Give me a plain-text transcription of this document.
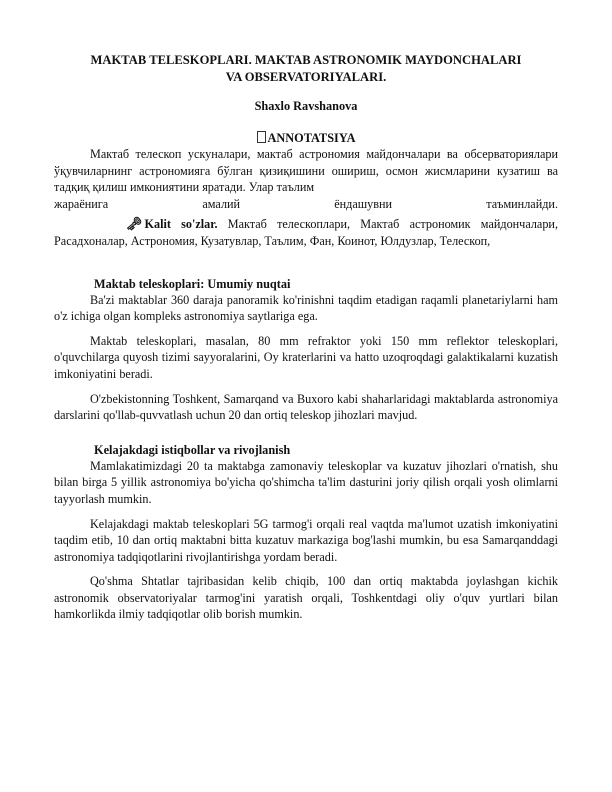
MAKTAB TELESKOPLARI. MAKTAB ASTRONOMIK MAYDONCHALARI

VA OBSERVATORIYALARI.

Shaxlo Ravshanova

ANNOTATSIYA

Мактаб телескоп ускуналари, мактаб астрономия майдончалари ва обсерваториялари ўқувчиларнинг астрономияга бўлган қизиқишини ошириш, осмон жисмларини кузатиш ва тадқиқ қилиш имкониятини яратади. Улар таълим

жараёнига амалий ёндашувни таъминлайди.

🗝︎ Kalit so'zlar. Мактаб телескоплари, Мактаб астрономик майдончалари, Расадхоналар, Астрономия, Кузатувлар, Таълим, Фан, Коинот, Юлдузлар, Телескоп,

Maktab teleskoplari: Umumiy nuqtai

Ba'zi maktablar 360 daraja panoramik ko'rinishni taqdim etadigan raqamli planetariylarni ham o'z ichiga olgan kompleks astronomiya saytlariga ega.

Maktab teleskoplari, masalan, 80 mm refraktor yoki 150 mm reflektor teleskoplari, o'quvchilarga quyosh tizimi sayyoralarini, Oy kraterlarini va hatto uzoqroqdagi galaktikalarni kuzatish imkoniyatini beradi.

O'zbekistonning Toshkent, Samarqand va Buxoro kabi shaharlaridagi maktablarda astronomiya darslarini qo'llab-quvvatlash uchun 20 dan ortiq teleskop jihozlari mavjud.

Kelajakdagi istiqbollar va rivojlanish

Mamlakatimizdagi 20 ta maktabga zamonaviy teleskoplar va kuzatuv jihozlari o'rnatish, shu bilan birga 5 yillik astronomiya bo'yicha qo'shimcha ta'lim dasturini joriy qilish orqali yosh olimlarni tayyorlash mumkin.

Kelajakdagi maktab teleskoplari 5G tarmog'i orqali real vaqtda ma'lumot uzatish imkoniyatini taqdim etib, 10 dan ortiq maktabni bitta kuzatuv markaziga bog'lashi mumkin, bu esa Samarqanddagi astronomiya tadqiqotlarini rivojlantirishga yordam beradi.

Qo'shma Shtatlar tajribasidan kelib chiqib, 100 dan ortiq maktabda joylashgan kichik astronomik observatoriyalar tarmog'ini yaratish orqali, Toshkentdagi oliy o'quv yurtlari bilan hamkorlikda ilmiy tadqiqotlar olib borish mumkin.
